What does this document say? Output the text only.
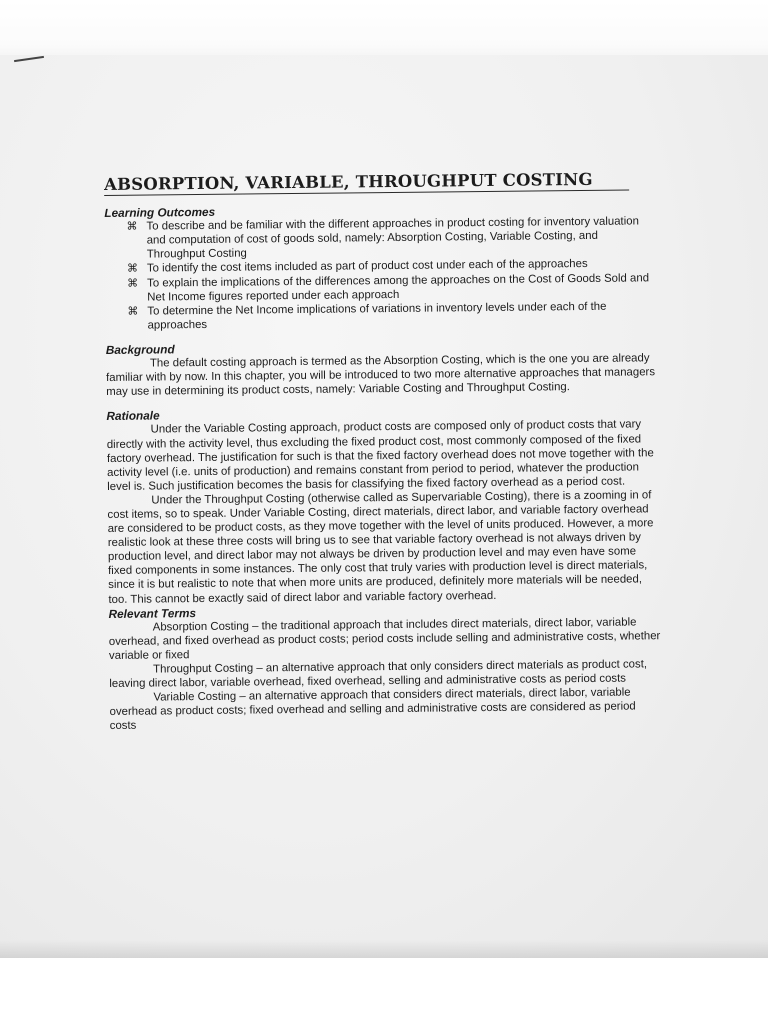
ABSORPTION, VARIABLE, THROUGHPUT COSTING
Learning Outcomes
⌘ To describe and be familiar with the different approaches in product costing for inventory valuation and computation of cost of goods sold, namely: Absorption Costing, Variable Costing, and Throughput Costing
⌘ To identify the cost items included as part of product cost under each of the approaches
⌘ To explain the implications of the differences among the approaches on the Cost of Goods Sold and Net Income figures reported under each approach
⌘ To determine the Net Income implications of variations in inventory levels under each of the approaches
Background

The default costing approach is termed as the Absorption Costing, which is the one you are already familiar with by now. In this chapter, you will be introduced to two more alternative approaches that managers may use in determining its product costs, namely: Variable Costing and Throughput Costing.

Rationale

Under the Variable Costing approach, product costs are composed only of product costs that vary directly with the activity level, thus excluding the fixed product cost, most commonly composed of the fixed factory overhead. The justification for such is that the fixed factory overhead does not move together with the activity level (i.e. units of production) and remains constant from period to period, whatever the production level is. Such justification becomes the basis for classifying the fixed factory overhead as a period cost.

Under the Throughput Costing (otherwise called as Supervariable Costing), there is a zooming in of cost items, so to speak. Under Variable Costing, direct materials, direct labor, and variable factory overhead are considered to be product costs, as they move together with the level of units produced. However, a more realistic look at these three costs will bring us to see that variable factory overhead is not always driven by production level, and direct labor may not always be driven by production level and may even have some fixed components in some instances. The only cost that truly varies with production level is direct materials, since it is but realistic to note that when more units are produced, definitely more materials will be needed, too. This cannot be exactly said of direct labor and variable factory overhead.

Relevant Terms

Absorption Costing – the traditional approach that includes direct materials, direct labor, variable overhead, and fixed overhead as product costs; period costs include selling and administrative costs, whether variable or fixed

Throughput Costing – an alternative approach that only considers direct materials as product cost, leaving direct labor, variable overhead, fixed overhead, selling and administrative costs as period costs

Variable Costing – an alternative approach that considers direct materials, direct labor, variable overhead as product costs; fixed overhead and selling and administrative costs are considered as period costs
